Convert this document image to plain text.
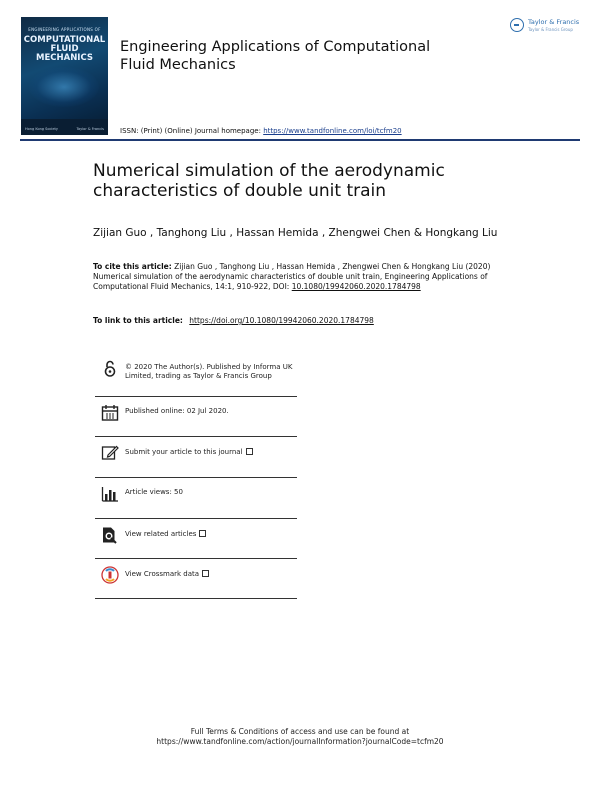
ENGINEERING APPLICATIONS OF
COMPUTATIONAL
FLUID MECHANICS
Hong Kong Society	Taylor & Francis
Engineering Applications of Computational Fluid Mechanics
Taylor & Francis
Taylor & Francis Group
ISSN: (Print) (Online) Journal homepage: https://www.tandfonline.com/loi/tcfm20
Numerical simulation of the aerodynamic characteristics of double unit train
Zijian Guo , Tanghong Liu , Hassan Hemida , Zhengwei Chen & Hongkang Liu
To cite this article: Zijian Guo , Tanghong Liu , Hassan Hemida , Zhengwei Chen & Hongkang Liu (2020) Numerical simulation of the aerodynamic characteristics of double unit train, Engineering Applications of Computational Fluid Mechanics, 14:1, 910-922, DOI: 10.1080/19942060.2020.1784798
To link to this article: https://doi.org/10.1080/19942060.2020.1784798
© 2020 The Author(s). Published by Informa UK Limited, trading as Taylor & Francis Group
Published online: 02 Jul 2020.
Submit your article to this journal
Article views: 50
View related articles
View Crossmark data
Full Terms & Conditions of access and use can be found at
https://www.tandfonline.com/action/journalInformation?journalCode=tcfm20
